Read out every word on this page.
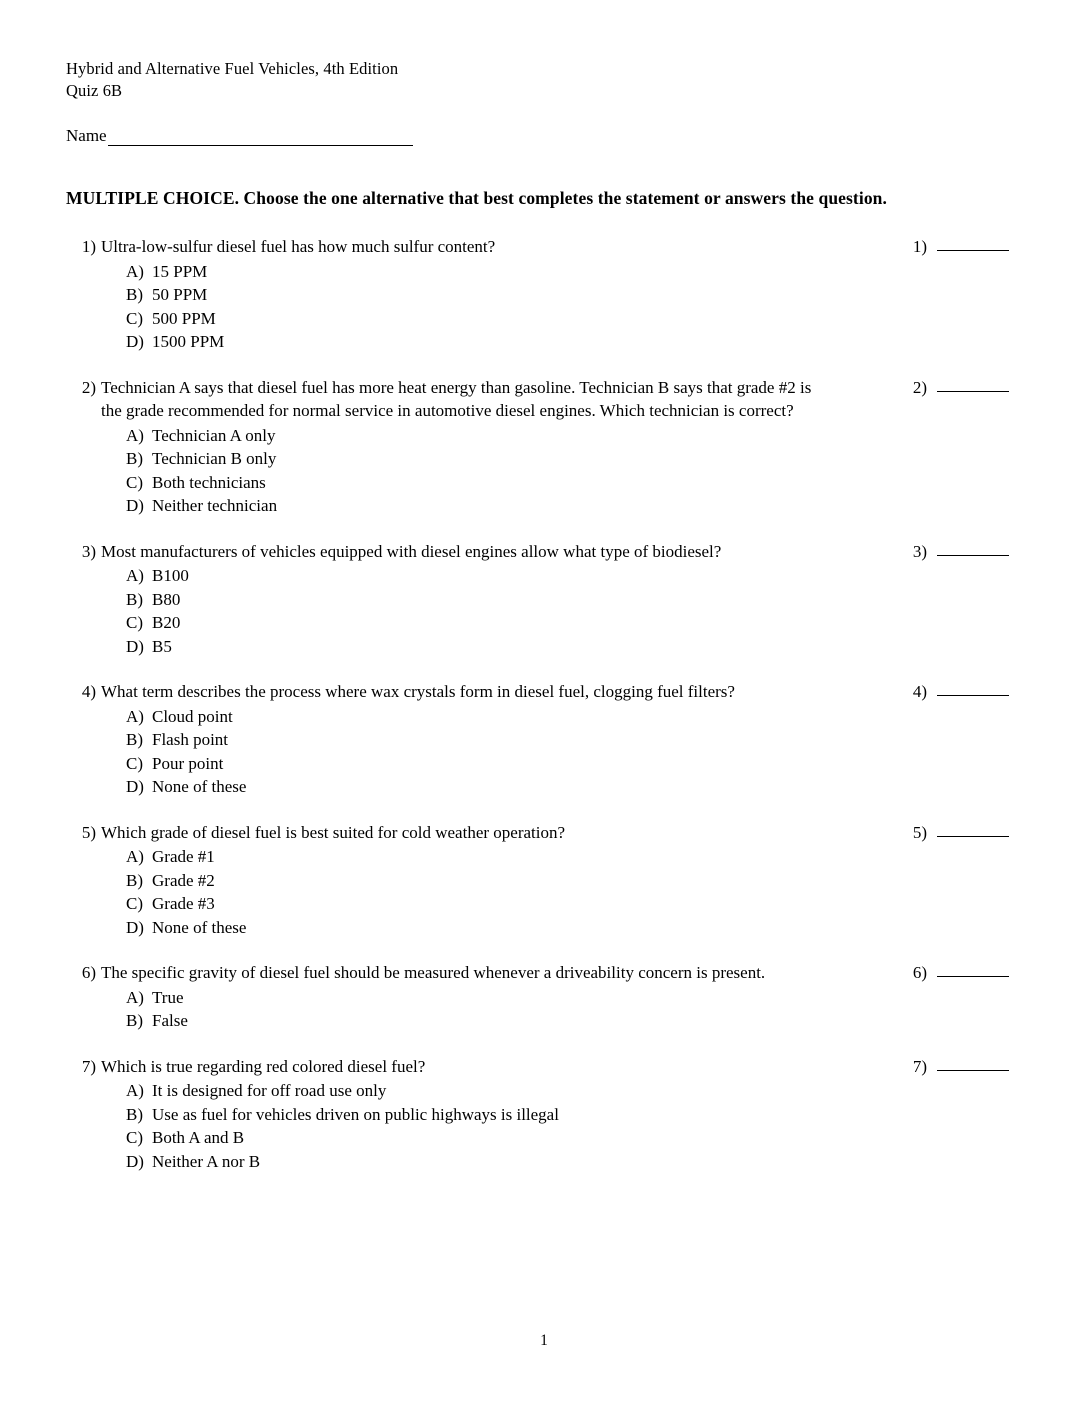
Hybrid and Alternative Fuel Vehicles, 4th Edition
Quiz 6B
Name
MULTIPLE CHOICE. Choose the one alternative that best completes the statement or answers the question.
1) Ultra-low-sulfur diesel fuel has how much sulfur content?
A) 15 PPM
B) 50 PPM
C) 500 PPM
D) 1500 PPM
1)
2) Technician A says that diesel fuel has more heat energy than gasoline. Technician B says that grade #2 is the grade recommended for normal service in automotive diesel engines. Which technician is correct?
A) Technician A only
B) Technician B only
C) Both technicians
D) Neither technician
2)
3) Most manufacturers of vehicles equipped with diesel engines allow what type of biodiesel?
A) B100
B) B80
C) B20
D) B5
3)
4) What term describes the process where wax crystals form in diesel fuel, clogging fuel filters?
A) Cloud point
B) Flash point
C) Pour point
D) None of these
4)
5) Which grade of diesel fuel is best suited for cold weather operation?
A) Grade #1
B) Grade #2
C) Grade #3
D) None of these
5)
6) The specific gravity of diesel fuel should be measured whenever a driveability concern is present.
A) True
B) False
6)
7) Which is true regarding red colored diesel fuel?
A) It is designed for off road use only
B) Use as fuel for vehicles driven on public highways is illegal
C) Both A and B
D) Neither A nor B
7)
1
